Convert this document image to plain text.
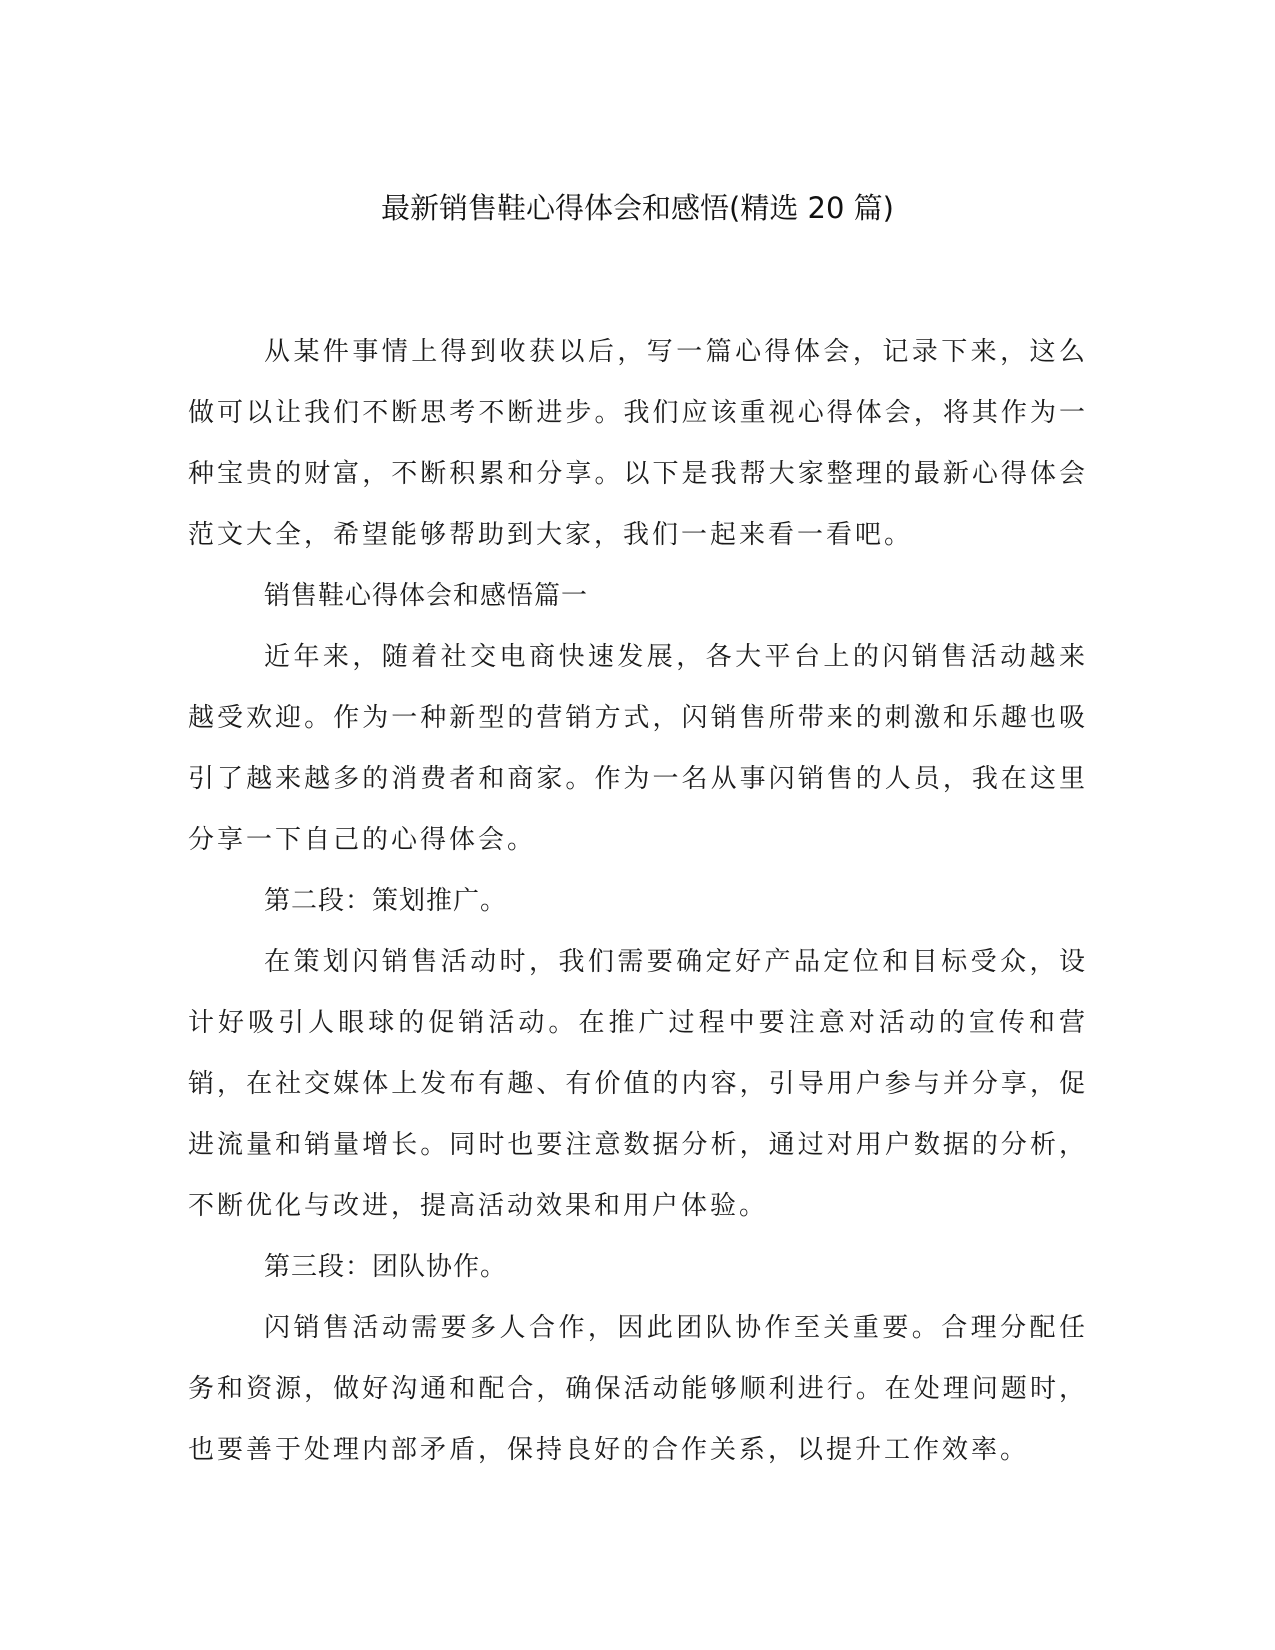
最新销售鞋心得体会和感悟(精选 20 篇)

从某件事情上得到收获以后，写一篇心得体会，记录下来，这么做可以让我们不断思考不断进步。我们应该重视心得体会，将其作为一种宝贵的财富，不断积累和分享。以下是我帮大家整理的最新心得体会范文大全，希望能够帮助到大家，我们一起来看一看吧。

销售鞋心得体会和感悟篇一

近年来，随着社交电商快速发展，各大平台上的闪销售活动越来越受欢迎。作为一种新型的营销方式，闪销售所带来的刺激和乐趣也吸引了越来越多的消费者和商家。作为一名从事闪销售的人员，我在这里分享一下自己的心得体会。

第二段：策划推广。

在策划闪销售活动时，我们需要确定好产品定位和目标受众，设计好吸引人眼球的促销活动。在推广过程中要注意对活动的宣传和营销，在社交媒体上发布有趣、有价值的内容，引导用户参与并分享，促进流量和销量增长。同时也要注意数据分析，通过对用户数据的分析，不断优化与改进，提高活动效果和用户体验。

第三段：团队协作。

闪销售活动需要多人合作，因此团队协作至关重要。合理分配任务和资源，做好沟通和配合，确保活动能够顺利进行。在处理问题时，也要善于处理内部矛盾，保持良好的合作关系，以提升工作效率。
